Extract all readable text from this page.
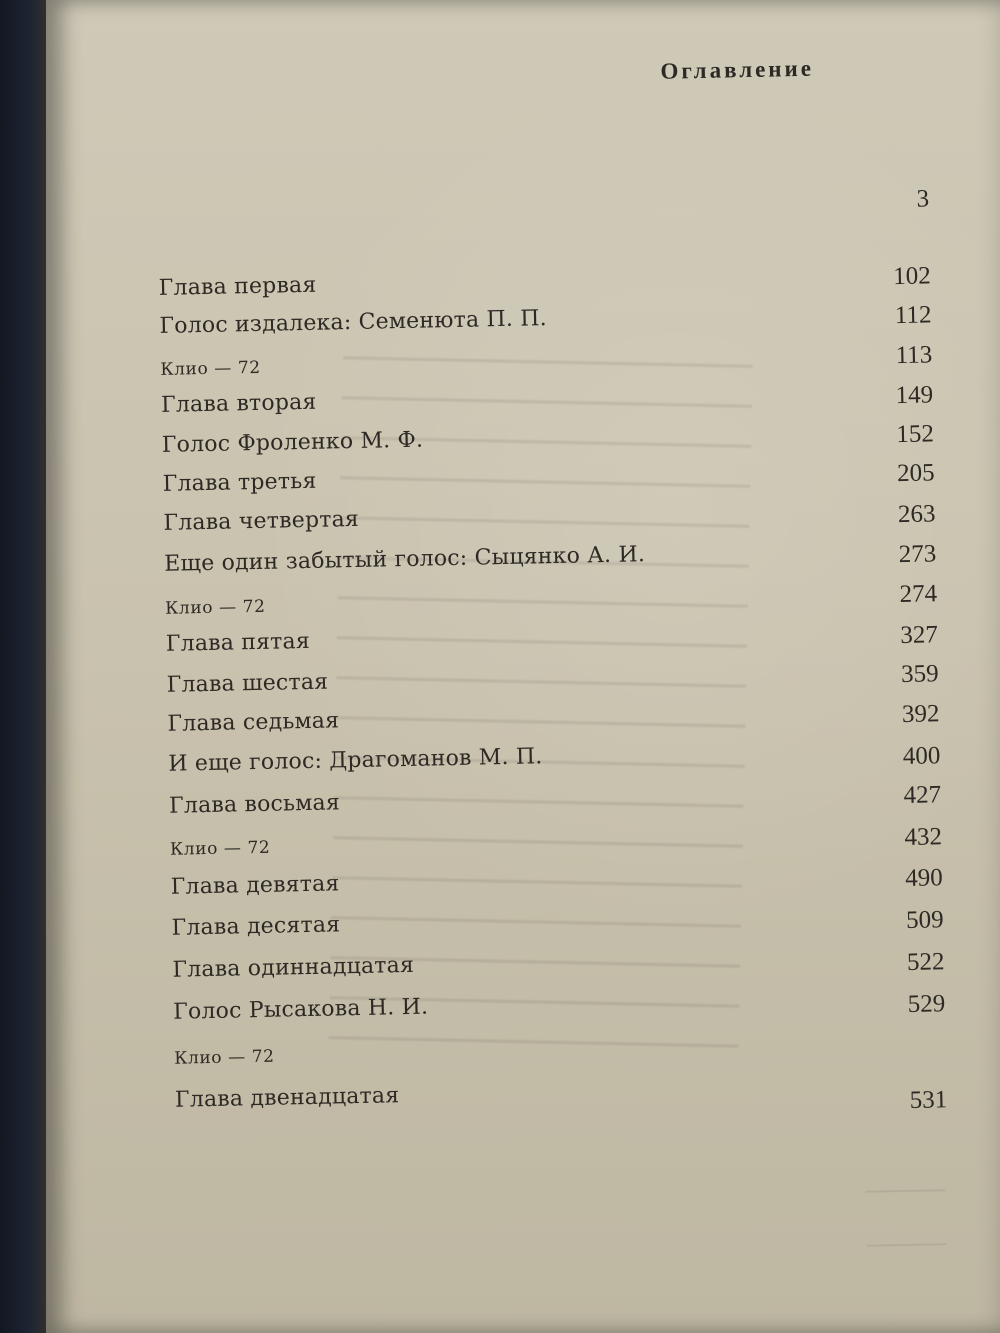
Оглавление
Глава первая
3
Голос издалека: Семенюта П. П.
102
Клио — 72
112
Глава вторая
113
Голос Фроленко М. Ф.
149
Глава третья
152
Глава четвертая
205
Еще один забытый голос: Сыцянко А. И.
263
Клио — 72
273
Глава пятая
274
Глава шестая
327
Глава седьмая
359
И еще голос: Драгоманов М. П.
392
Глава восьмая
400
Клио — 72
427
Глава девятая
432
Глава десятая
490
Глава одиннадцатая
509
Голос Рысакова Н. И.
522
Клио — 72
529
Глава двенадцатая	531
